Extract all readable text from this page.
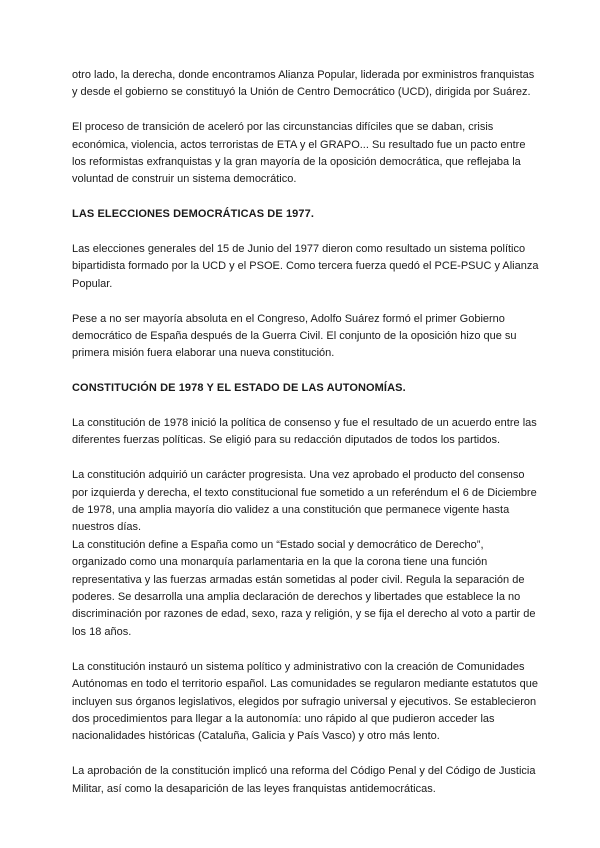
otro lado, la derecha, donde encontramos Alianza Popular, liderada por exministros franquistas y desde el gobierno se constituyó la Unión de Centro Democrático (UCD), dirigida por Suárez.

El proceso de transición de aceleró por las circunstancias difíciles que se daban, crisis económica, violencia, actos terroristas de ETA y el GRAPO... Su resultado fue un pacto entre los reformistas exfranquistas y la gran mayoría de la oposición democrática, que reflejaba la voluntad de construir un sistema democrático.

LAS ELECCIONES DEMOCRÁTICAS DE 1977.

Las elecciones generales del 15 de Junio del 1977 dieron como resultado un sistema político bipartidista formado por la UCD y el PSOE. Como tercera fuerza quedó el PCE-PSUC y Alianza Popular.

Pese a no ser mayoría absoluta en el Congreso, Adolfo Suárez formó el primer Gobierno democrático de España después de la Guerra Civil. El conjunto de la oposición hizo que su primera misión fuera elaborar una nueva constitución.

CONSTITUCIÓN DE 1978 Y EL ESTADO DE LAS AUTONOMÍAS.

La constitución de 1978 inició la política de consenso y fue el resultado de un acuerdo entre las diferentes fuerzas políticas. Se eligió para su redacción diputados de todos los partidos.

La constitución adquirió un carácter progresista. Una vez aprobado el producto del consenso por izquierda y derecha, el texto constitucional fue sometido a un referéndum el 6 de Diciembre de 1978, una amplia mayoría dio validez a una constitución que permanece vigente hasta nuestros días.

La constitución define a España como un “Estado social y democrático de Derecho”, organizado como una monarquía parlamentaria en la que la corona tiene una función representativa y las fuerzas armadas están sometidas al poder civil. Regula la separación de poderes. Se desarrolla una amplia declaración de derechos y libertades que establece la no discriminación por razones de edad, sexo, raza y religión, y se fija el derecho al voto a partir de los 18 años.

La constitución instauró un sistema político y administrativo con la creación de Comunidades Autónomas en todo el territorio español. Las comunidades se regularon mediante estatutos que incluyen sus órganos legislativos, elegidos por sufragio universal y ejecutivos. Se establecieron dos procedimientos para llegar a la autonomía: uno rápido al que pudieron acceder las nacionalidades históricas (Cataluña, Galicia y País Vasco) y otro más lento.

La aprobación de la constitución implicó una reforma del Código Penal y del Código de Justicia Militar, así como la desaparición de las leyes franquistas antidemocráticas.
